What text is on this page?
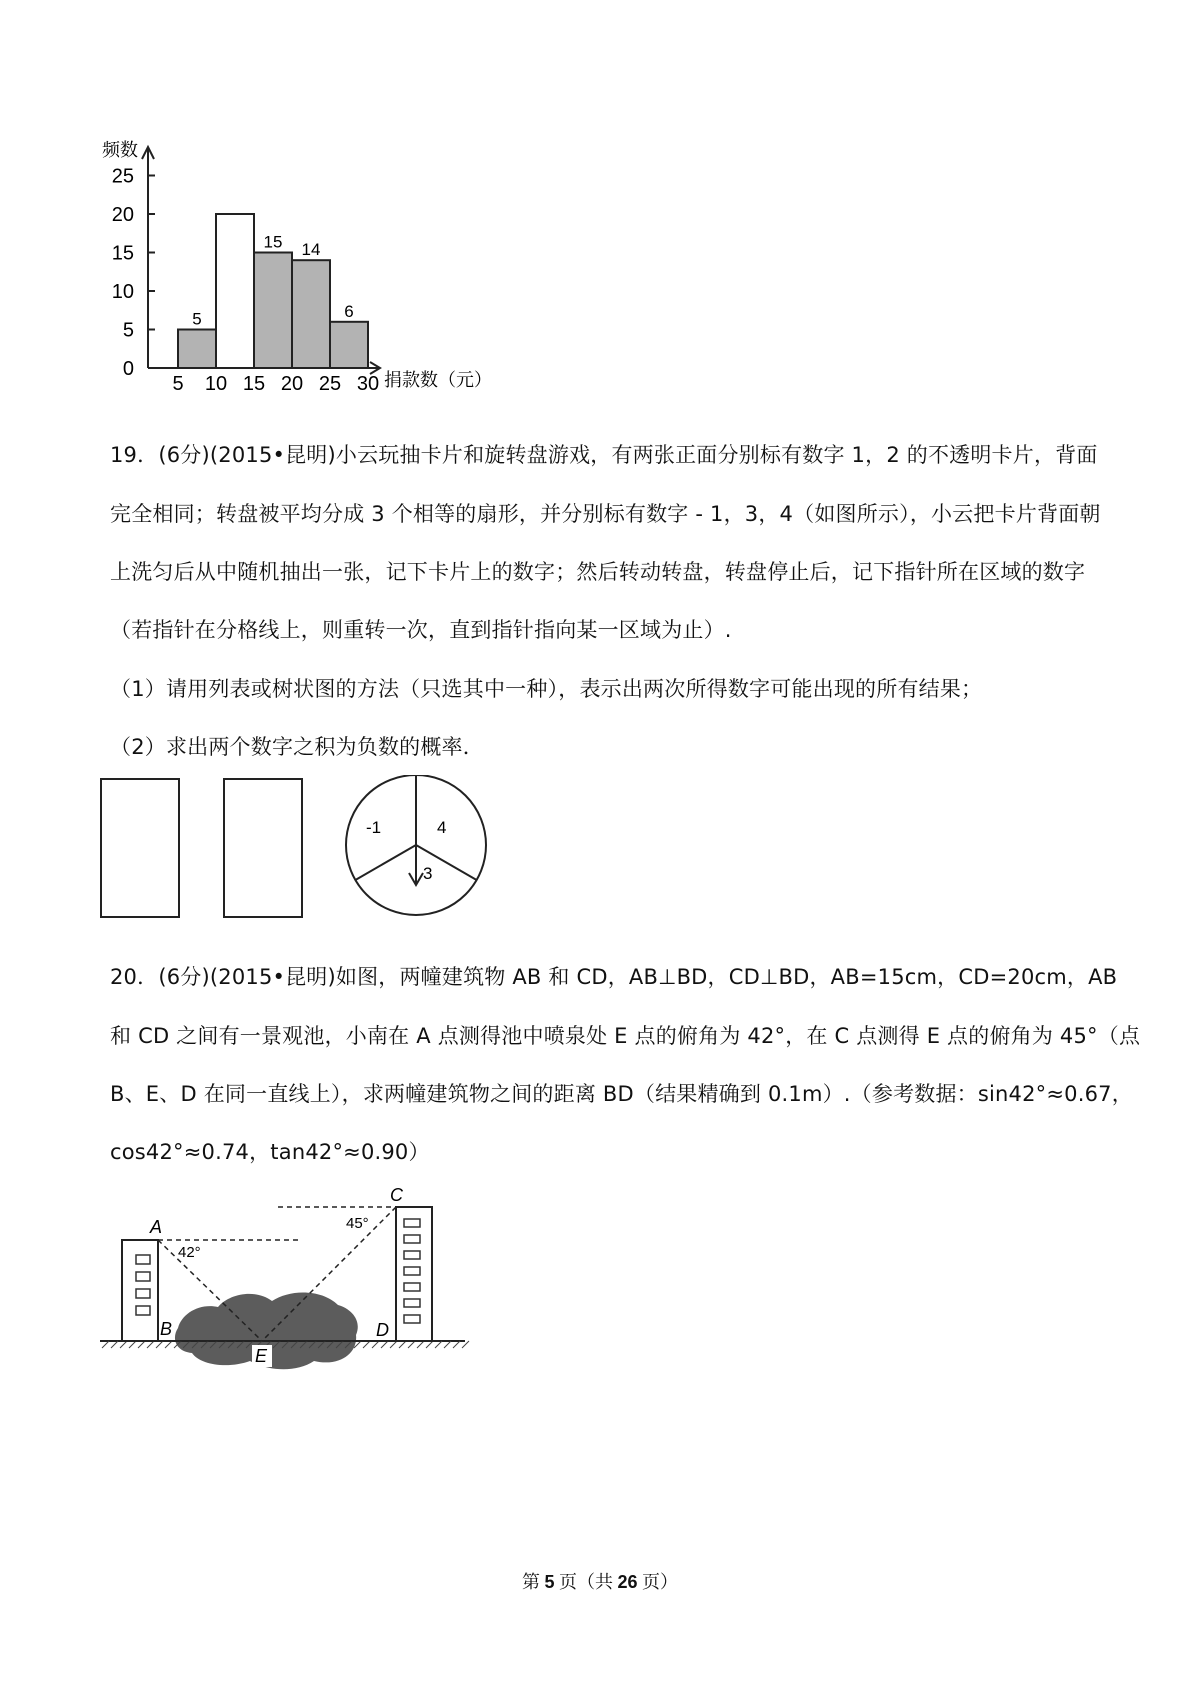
5
15 14
6
0
5
10
15
20
25
5 10 15 20 25 30
频数
捐款数（元）
19．(6分)(2015•昆明)小云玩抽卡片和旋转盘游戏，有两张正面分别标有数字 1，2 的不透明卡片，背面
完全相同；转盘被平均分成 3 个相等的扇形，并分别标有数字 - 1，3，4（如图所示），小云把卡片背面朝
上洗匀后从中随机抽出一张，记下卡片上的数字；然后转动转盘，转盘停止后，记下指针所在区域的数字
（若指针在分格线上，则重转一次，直到指针指向某一区域为止）.
（1）请用列表或树状图的方法（只选其中一种），表示出两次所得数字可能出现的所有结果；
（2）求出两个数字之积为负数的概率．
-1	4
3
20．(6分)(2015•昆明)如图，两幢建筑物 AB 和 CD，AB⊥BD，CD⊥BD，AB=15cm，CD=20cm，AB
和 CD 之间有一景观池，小南在 A 点测得池中喷泉处 E 点的俯角为 42°，在 C 点测得 E 点的俯角为 45°（点
B、E、D 在同一直线上），求两幢建筑物之间的距离 BD（结果精确到 0.1m）.（参考数据：sin42°≈0.67，
cos42°≈0.74，tan42°≈0.90）
A
B
C
D
E
42°
45°
第 5 页（共 26 页）
